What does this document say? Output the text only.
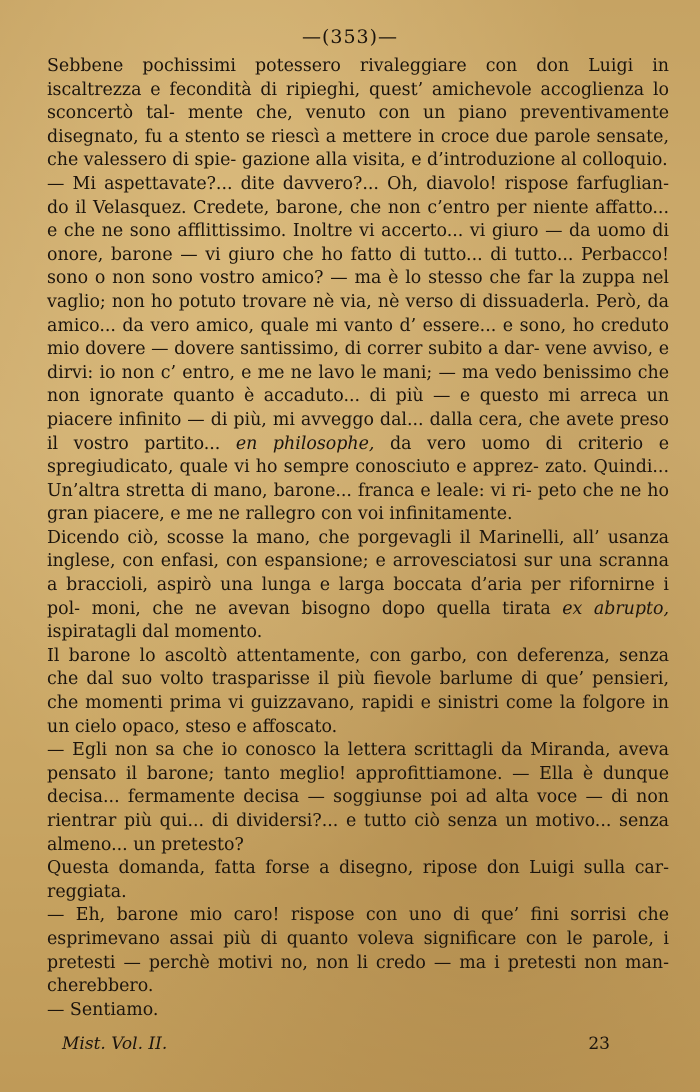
—(353)—

Sebbene pochissimi potessero rivaleggiare con don Luigi in iscaltrezza e fecondità di ripieghi, quest’ amichevole accoglienza lo sconcertò tal- mente che, venuto con un piano preventivamente disegnato, fu a stento se riescì a mettere in croce due parole sensate, che valessero di spie- gazione alla visita, e d’introduzione al colloquio.

— Mi aspettavate?... dite davvero?... Oh, diavolo! rispose farfuglian- do il Velasquez. Credete, barone, che non c’entro per niente affatto... e che ne sono afflittissimo. Inoltre vi accerto... vi giuro — da uomo di onore, barone — vi giuro che ho fatto di tutto... di tutto... Perbacco! sono o non sono vostro amico? — ma è lo stesso che far la zuppa nel vaglio; non ho potuto trovare nè via, nè verso di dissuaderla. Però, da amico... da vero amico, quale mi vanto d’ essere... e sono, ho creduto mio dovere — dovere santissimo, di correr subito a dar- vene avviso, e dirvi: io non c’ entro, e me ne lavo le mani; — ma vedo benissimo che non ignorate quanto è accaduto... di più — e questo mi arreca un piacere infinito — di più, mi avveggo dal... dalla cera, che avete preso il vostro partito... en philosophe, da vero uomo di criterio e spregiudicato, quale vi ho sempre conosciuto e apprez- zato. Quindi... Un’altra stretta di mano, barone... franca e leale: vi ri- peto che ne ho gran piacere, e me ne rallegro con voi infinitamente.

Dicendo ciò, scosse la mano, che porgevagli il Marinelli, all’ usanza inglese, con enfasi, con espansione; e arrovesciatosi sur una scranna a braccioli, aspirò una lunga e larga boccata d’aria per rifornirne i pol- moni, che ne avevan bisogno dopo quella tirata ex abrupto, ispiratagli dal momento.

Il barone lo ascoltò attentamente, con garbo, con deferenza, senza che dal suo volto trasparisse il più fievole barlume di que’ pensieri, che momenti prima vi guizzavano, rapidi e sinistri come la folgore in un cielo opaco, steso e affoscato.

— Egli non sa che io conosco la lettera scrittagli da Miranda, aveva pensato il barone; tanto meglio! approfittiamone. — Ella è dunque decisa... fermamente decisa — soggiunse poi ad alta voce — di non rientrar più qui... di dividersi?... e tutto ciò senza un motivo... senza almeno... un pretesto?

Questa domanda, fatta forse a disegno, ripose don Luigi sulla car- reggiata.

— Eh, barone mio caro! rispose con uno di que’ fini sorrisi che esprimevano assai più di quanto voleva significare con le parole, i pretesti — perchè motivi no, non li credo — ma i pretesti non man- cherebbero.

— Sentiamo.

Mist. Vol. II.	23
